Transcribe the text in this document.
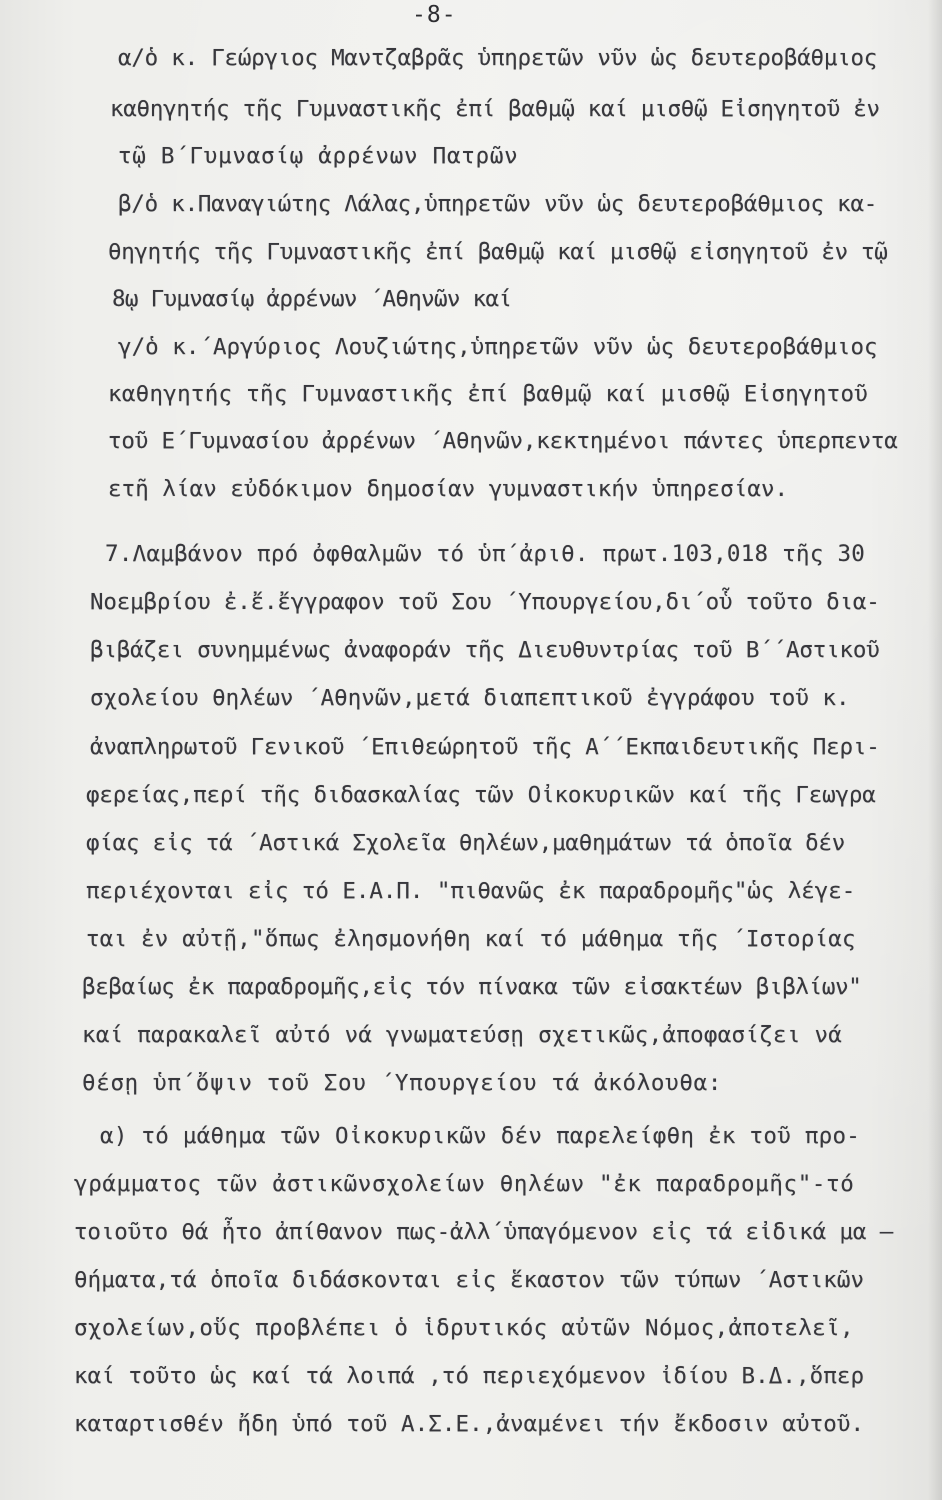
-8-
α/ὁ κ. Γεώργιος Μαντζαβρᾶς ὑπηρετῶν νῦν ὡς δευτεροβάθμιος
καθηγητής τῆς Γυμναστικῆς ἐπί βαθμῷ καί μισθῷ Εἰσηγητοῦ ἐν
τῷ Β΄Γυμνασίῳ ἀρρένων Πατρῶν
β/ὁ κ.Παναγιώτης Λάλας,ὑπηρετῶν νῦν ὡς δευτεροβάθμιος κα-
θηγητής τῆς Γυμναστικῆς ἐπί βαθμῷ καί μισθῷ εἰσηγητοῦ ἐν τῷ
8ῳ Γυμνασίῳ ἀρρένων ΄Αθηνῶν καί
γ/ὁ κ.΄Αργύριος Λουζιώτης,ὑπηρετῶν νῦν ὡς δευτεροβάθμιος
καθηγητής τῆς Γυμναστικῆς ἐπί βαθμῷ καί μισθῷ Εἰσηγητοῦ
τοῦ Ε΄Γυμνασίου ἀρρένων ΄Αθηνῶν,κεκτημένοι πάντες ὑπερπεντα
ετῆ λίαν εὐδόκιμον δημοσίαν γυμναστικήν ὑπηρεσίαν.
7.Λαμβάνον πρό ὀφθαλμῶν τό ὑπ΄ἀριθ. πρωτ.103,018 τῆς 30
Νοεμβρίου ἐ.ἔ.ἔγγραφον τοῦ Σου ΄Υπουργείου,δι΄οὗ τοῦτο δια-
βιβάζει συνημμένως ἀναφοράν τῆς Διευθυντρίας τοῦ Β΄΄Αστικοῦ
σχολείου θηλέων ΄Αθηνῶν,μετά διαπεπτικοῦ ἐγγράφου τοῦ κ.
ἀναπληρωτοῦ Γενικοῦ ΄Επιθεώρητοῦ τῆς Α΄΄Εκπαιδευτικῆς Περι-
φερείας,περί τῆς διδασκαλίας τῶν Οἰκοκυρικῶν καί τῆς Γεωγρα
φίας εἰς τά ΄Αστικά Σχολεῖα θηλέων,μαθημάτων τά ὁποῖα δέν
περιέχονται εἰς τό Ε.Α.Π. "πιθανῶς ἐκ παραδρομῆς"ὡς λέγε-
ται ἐν αὐτῇ,"ὅπως ἐλησμονήθη καί τό μάθημα τῆς ΄Ιστορίας
βεβαίως ἐκ παραδρομῆς,εἰς τόν πίνακα τῶν εἰσακτέων βιβλίων"
καί παρακαλεῖ αὐτό νά γνωματεύσῃ σχετικῶς,ἀποφασίζει νά
θέσῃ ὑπ΄ὄψιν τοῦ Σου ΄Υπουργείου τά ἀκόλουθα:
α) τό μάθημα τῶν Οἰκοκυρικῶν δέν παρελείφθη ἐκ τοῦ προ-
γράμματος τῶν ἀστικῶνσχολείων θηλέων "ἐκ παραδρομῆς"-τό
τοιοῦτο θά ἦτο ἀπίθανον πως-ἀλλ΄ὑπαγόμενον εἰς τά εἰδικά μα —
θήματα,τά ὁποῖα διδάσκονται εἰς ἕκαστον τῶν τύπων ΄Αστικῶν
σχολείων,οὕς προβλέπει ὁ ἱδρυτικός αὐτῶν Νόμος,ἀποτελεῖ,
καί τοῦτο ὡς καί τά λοιπά ,τό περιεχόμενον ἰδίου Β.Δ.,ὅπερ
καταρτισθέν ἤδη ὑπό τοῦ Α.Σ.Ε.,ἀναμένει τήν ἔκδοσιν αὐτοῦ.
